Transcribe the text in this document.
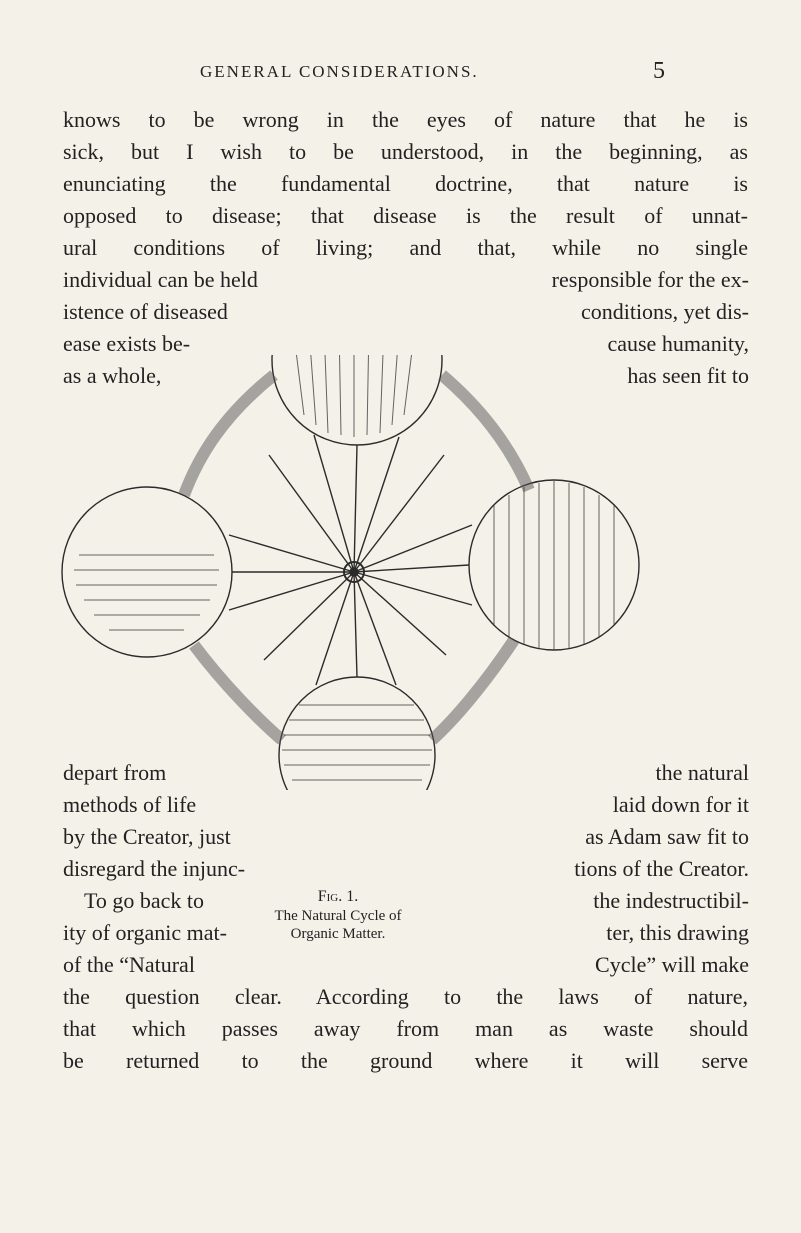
GENERAL CONSIDERATIONS.	5
knows to be wrong in the eyes of nature that he is
sick, but I wish to be understood, in the beginning, as
enunciating the fundamental doctrine, that nature is
opposed to disease; that disease is the result of unnat-
ural conditions of living; and that, while no single
individual can be held
istence of diseased
ease exists be-
as a whole,
responsible for the ex-
conditions, yet dis-
cause humanity,
has seen fit to
depart from
methods of life
by the Creator, just
disregard the injunc-
To go back to
ity of organic mat-
of the “Natural
the natural
laid down for it
as Adam saw fit to
tions of the Creator.
the indestructibil-
ter, this drawing
Cycle” will make
Fig. 1.
The Natural Cycle of
Organic Matter.
the question clear. According to the laws of nature,
that which passes away from man as waste should
be returned to the ground where it will serve
